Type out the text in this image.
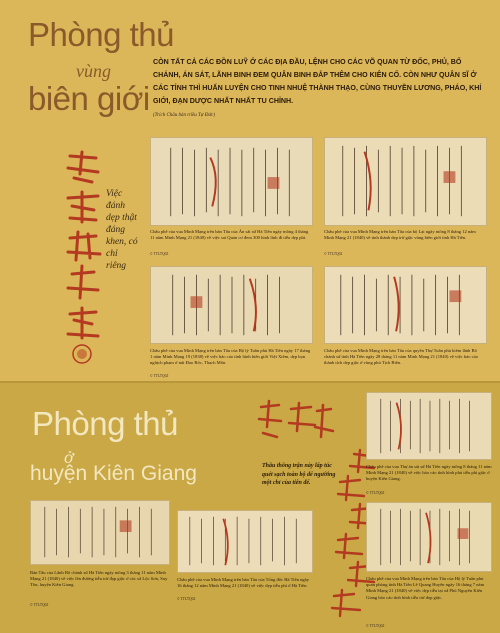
Phòng thủ
vùng
biên giới
CÒN TẤT CẢ CÁC ĐỒN LUỸ Ở CÁC ĐỊA ĐẦU, LỆNH CHO CÁC VÕ QUAN TỪ ĐỐC, PHỦ, BỐ CHÁNH, ÁN SÁT, LÃNH BINH ĐEM QUÂN BINH ĐẮP THÊM CHO KIÊN CỐ. CÒN NHƯ QUÂN SĨ Ở CÁC TỈNH THÌ HUẤN LUYỆN CHO TINH NHUỆ THÀNH THẠO, CÙNG THUYỀN LƯƠNG, PHÁO, KHÍ GIỚI, ĐẠN DƯỢC NHẤT NHẤT TU CHỈNH.
(Trích Châu bản triều Tự Đức)
Việc đánh dẹp thật đáng khen, có chỉ riêng
Châu phê của vua Minh Mạng trên bản Tấu của Án sát sứ Hà Tiên ngày mồng 4 tháng 11 năm Minh Mạng 21 (1840) về việc sai Quản cơ đem 300 binh lính đi tiễu dẹp phỉ.
© TTLTQGI
Châu phê của vua Minh Mạng trên bản Tấu của bộ Lại ngày mồng 8 tháng 12 năm Minh Mạng 21 (1840) về tỉnh thành dẹp trừ giặc vùng biên giới tỉnh Hà Tiên.
© TTLTQGI
Châu phê của vua Minh Mạng trên bản Tấu của Bộ lý Tuần phủ Hà Tiên ngày 17 tháng 1 năm Minh Mạng 19 (1838) về việc báo cáo tình hình biên giới Việt Xiêm, dẹp bọn nghịch phạm ở núi Đao Rốc, Thạch Môn.
© TTLTQGI
Châu phê của vua Minh Mạng trên bản Tấu của quyền Thự Tuần phủ kiêm lãnh Bố chánh sứ tỉnh Hà Tiên ngày 28 tháng 11 năm Minh Mạng 21 (1840) về việc báo cáo thành tích dẹp giặc ở vùng phủ Tịch Biên.
Phòng thủ
ở
huyện Kiên Giang	Thâu thông trận này lấp túc quét sạch toàn bộ để ngườing một chỉ của tiên đế.
Châu phê của vua Thự án sát sứ Hà Tiên ngày mồng 8 tháng 11 năm Minh Mạng 21 (1840) về việc báo cáo tình hình phủ tiễu phỉ giặc ở huyện Kiên Giang.
© TTLTQGI
Bản Tấu của Lãnh Bố chánh sứ Hà Tiên ngày mồng 3 tháng 11 năm Minh Mạng 21 (1840) về việc lên đường tiễu trừ đạp giặc ở các xã Lộc Sơn, Suy Tồn, huyện Kiên Giang.
© TTLTQGI
Châu phê của vua Minh Mạng trên bản Tấu của Tổng đốc Hà Tiên ngày 16 tháng 12 năm Minh Mạng 21 (1840) về việc dẹp tiễu phỉ ở Hà Tiên.
© TTLTQGI
Châu phê của vua Minh Mạng trên bản Tấu của Hộ lý Tuần phủ quan phòng tỉnh Hà Tiên Lê Quang Huyên ngày 16 tháng 7 năm Minh Mạng 21 (1840) về việc dẹp tiễu tại xã Phú Nguyên Kiên Giang báo cáo tình hình tiễu trừ dẹp giặc.
© TTLTQGI
